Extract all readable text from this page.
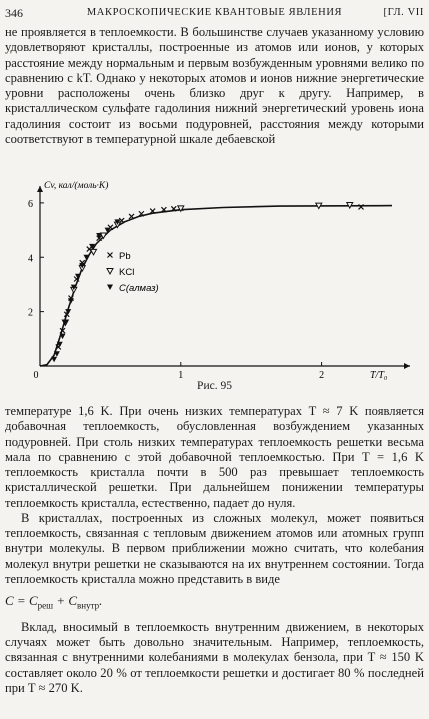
346	МАКРОСКОПИЧЕСКИЕ КВАНТОВЫЕ ЯВЛЕНИЯ	[ГЛ. VII

не проявляется в теплоемкости. В большинстве случаев указанному условию удовлетворяют кристаллы, построенные из атомов или ионов, у которых расстояние между нормальным и первым возбужденным уровнями велико по сравнению с kT. Однако у некоторых атомов и ионов нижние энергетические уровни расположены очень близко друг к другу. Например, в кристаллическом сульфате гадолиния нижний энергетический уровень иона гадолиния состоит из восьми подуровней, расстояния между которыми соответствуют в температурной шкале дебаевской

1	2
0
2
4
6
Cv, кал/(моль·K)
T/T₀
Pb
KCl
C(алмаз)
Рис. 95

температуре 1,6 K. При очень низких температурах T ≈ 7 K появляется добавочная теплоемкость, обусловленная возбуждением указанных подуровней. При столь низких температурах теплоемкость решетки весьма мала по сравнению с этой добавочной теплоемкостью. При T = 1,6 K теплоемкость кристалла почти в 500 раз превышает теплоемкость кристаллической решетки. При дальнейшем понижении температуры теплоемкость кристалла, естественно, падает до нуля.

В кристаллах, построенных из сложных молекул, может появиться теплоемкость, связанная с тепловым движением атомов или атомных групп внутри молекулы. В первом приближении можно считать, что колебания молекул внутри решетки не сказываются на их внутреннем состоянии. Тогда теплоемкость кристалла можно представить в виде

$C = C_{реш} + C_{внутр}$.

Вклад, вносимый в теплоемкость внутренним движением, в некоторых случаях может быть довольно значительным. Например, теплоемкость, связанная с внутренними колебаниями в молекулах бензола, при T ≈ 150 K составляет около 20 % от теплоемкости решетки и достигает 80 % последней при T ≈ 270 K.
